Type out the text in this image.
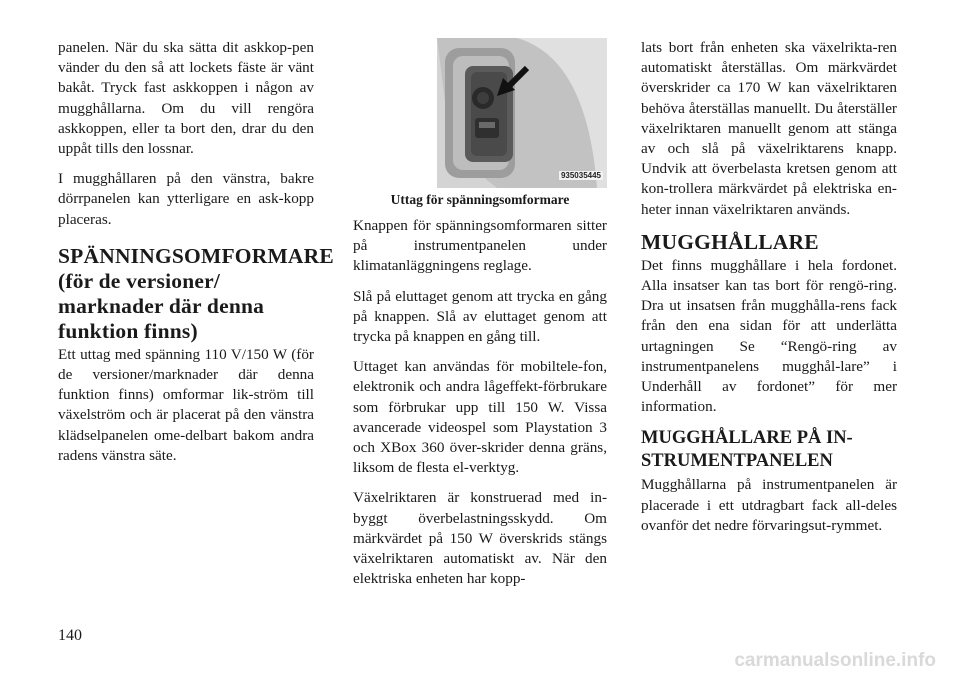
panelen. När du ska sätta dit askkop-pen vänder du den så att lockets fäste är vänt bakåt. Tryck fast askkoppen i någon av mugghållarna. Om du vill rengöra askkoppen, eller ta bort den, drar du den uppåt tills den lossnar.

I mugghållaren på den vänstra, bakre dörrpanelen kan ytterligare en ask-kopp placeras.

SPÄNNINGSOMFORMARE (för de versioner/ marknader där denna funktion finns)

Ett uttag med spänning 110 V/150 W (för de versioner/marknader där denna funktion finns) omformar lik-ström till växelström och är placerat på den vänstra klädselpanelen ome-delbart bakom andra radens vänstra säte.

935035445
Uttag för spänningsomformare

Knappen för spänningsomformaren sitter på instrumentpanelen under klimatanläggningens reglage.

Slå på eluttaget genom att trycka en gång på knappen. Slå av eluttaget genom att trycka på knappen en gång till.

Uttaget kan användas för mobiltele-fon, elektronik och andra lågeffekt-förbrukare som förbrukar upp till 150 W. Vissa avancerade videospel som Playstation 3 och XBox 360 över-skrider denna gräns, liksom de flesta el-verktyg.

Växelriktaren är konstruerad med in-byggt överbelastningsskydd. Om märkvärdet på 150 W överskrids stängs växelriktaren automatiskt av. När den elektriska enheten har kopp-

lats bort från enheten ska växelrikta-ren automatiskt återställas. Om märkvärdet överskrider ca 170 W kan växelriktaren behöva återställas manuellt. Du återställer växelriktaren manuellt genom att stänga av och slå på växelriktarens knapp. Undvik att överbelasta kretsen genom att kon-trollera märkvärdet på elektriska en-heter innan växelriktaren används.

MUGGHÅLLARE

Det finns mugghållare i hela fordonet. Alla insatser kan tas bort för rengö-ring. Dra ut insatsen från mugghålla-rens fack från den ena sidan för att underlätta urtagningen Se “Rengö-ring av instrumentpanelens mugghål-lare” i Underhåll av fordonet” för mer information.

MUGGHÅLLARE PÅ IN-STRUMENTPANELEN

Mugghållarna på instrumentpanelen är placerade i ett utdragbart fack all-deles ovanför det nedre förvaringsut-rymmet.

140
carmanualsonline.info
